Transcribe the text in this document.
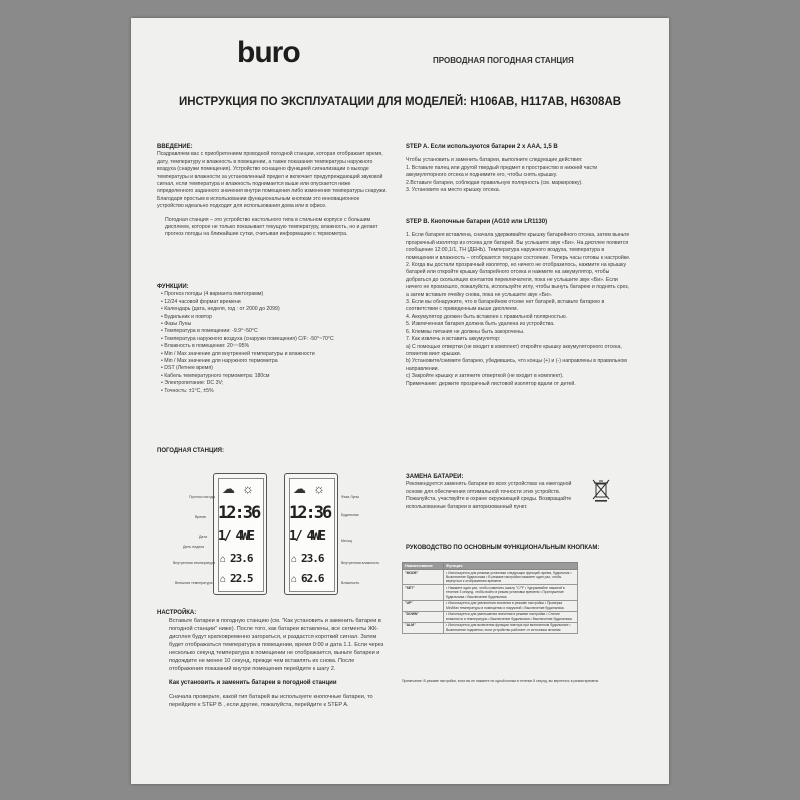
buro	ПРОВОДНАЯ ПОГОДНАЯ СТАНЦИЯ
ИНСТРУКЦИЯ ПО ЭКСПЛУАТАЦИИ ДЛЯ МОДЕЛЕЙ: H106AB, H117AB, H6308AB

ВВЕДЕНИЕ:

Поздравляем вас с приобретением проводной погодной станции, которая отображает время, дату, температуру и влажность в помещении, а также показания температуры наружного воздуха (снаружи помещения). Устройство оснащено функцией сигнализации о выходе температуры и влажности за установленный предел и включает предупреждающий звуковой сигнал, если температура и влажность поднимается выше или опускается ниже определенного заданного значения внутри помещения либо изменения температуры снаружи. Благодаря простым в использовании функциональным кнопкам это инновационное устройство идеально подходит для использования дома или в офисе.

Погодная станция – это устройство настольного типа в стильном корпусе с большим дисплеем, которое не только показывает текущую температуру, влажность, но и делает прогноз погоды на ближайшие сутки, считывая информацию с термометра.

ФУНКЦИИ:

• Прогноз погоды (4 варианта пиктограмм)
• 12/24 часовой формат времени
• Календарь (дата, неделя, год : от 2000 до 2099)
• Будильник и повтор
• Фазы Луны
• Температура в помещении: -9.9°~50°C
• Температура наружного воздуха (снаружи помещения) C/F: -50°~70°C
• Влажность в помещении: 20~~95%
• Min / Max значение для внутренней температуры и влажности
• Min / Max значение для наружного термометра
• DST (Летнее время)
• Кабель температурного термометра: 180см
• Электропитание: DC 3V;
• Точность: ±1°C, ±5%

ПОГОДНАЯ СТАНЦИЯ:

☁ ☼
12:36
1/ 4WE
⌂ 23.6
⌂ 22.5
☁ ☼
12:36
1/ 4WE
⌂ 23.6
⌂ 62.6
Прогноз погоды
Время
Дата
День недели
Внутренняя температура
Внешняя температура
Фаза Луны
Будильник
Месяц
Внутренняя влажность
Влажность

НАСТРОЙКА:

Вставьте батареи в погодную станцию (см. "Как установить и заменить батареи в погодной станции" ниже). После того, как батареи вставлены, все сегменты ЖК-дисплея будут кратковременно загораться, и раздастся короткий сигнал. Затем будет отображаться температура в помещении, время 0:00 и дата 1.1. Если через несколько секунд температура в помещении не отображается, выньте батареи и подождите не менее 10 секунд, прежде чем вставлять их снова. После отображения показаний внутри помещения перейдите к шагу 2.

Как установить и заменить батареи в погодной станции

Сначала проверьте, какой тип батарей вы используете кнопочные батареи, то перейдите к STEP B , если другие, пожалуйста, перейдите к STEP A.

STEP A. Если используются батареи 2 х ААА, 1,5 В

Чтобы установить и заменить батареи, выполните следующие действия:

1. Вставьте палец или другой твердый предмет в пространство в нижней части аккумуляторного отсека и поднимите его, чтобы снять крышку.

2.Вставьте батареи, соблюдая правильную полярность (см. маркировку).

3. Установите на место крышку отсека.

STEP B. Кнопочные батареи (AG10 или LR1130)

1. Если батарея вставлена, сначала удерживайте крышку батарейного отсека, затем выньте прозрачный изолятор из отсека для батарей. Вы услышите звук «Би». На дисплее появится сообщение 12:00,1/1, TH (ДЕНЬ). Температура наружного воздуха, температура в помещении и влажность – отобразится текущее состояние. Теперь часы готовы к настройке.

2. Когда вы достали прозрачный изолятор, но ничего не отобразилось, нажмите на крышку батарей или откройте крышку батарейного отсека и нажмите на аккумулятор, чтобы добраться до скользящих контактов переключателя, пока не услышите звук «Би». Если ничего не произошло, пожалуйста, используйте иглу, чтобы вынуть батарею и поднять срез, а затем вставьте ячейку снова, пока не услышите звук «Би».

3. Если вы обнаружите, что в батарейном отсеке нет батарей, вставьте батарею в соответствии с приведенным выше дисплеем.

4. Аккумулятор должен быть вставлен с правильной полярностью.

5. Извлеченная батарея должна быть удалена из устройства.

6. Клеммы питания не должны быть закорочены.

7. Как извлечь и вставить аккумулятор:

а) С помощью отвертки (не входит в комплект) откройте крышку аккумуляторного отсека, отвинтив винт крышки.

b) Установите/снимите батарею, убедившись, что концы (+) и (-) направлены в правильном направлении.

c) Закройте крышку и затяните отверткой (не входит в комплект).

Примечание: держите прозрачный листовой изолятор вдали от детей.

ЗАМЕНА БАТАРЕИ:

Рекомендуется заменять батареи во всех устройствах на ежегодной основе для обеспечения оптимальной точности этих устройств. Пожалуйста, участвуйте в охране окружающей среды. Возвращайте использованные батареи в авторизованный пункт.

РУКОВОДСТВО ПО ОСНОВНЫМ ФУНКЦИОНАЛЬНЫМ КНОПКАМ:

Наименование	Функция
"MODE"	• Используется для режима установки следующих функций: время, будильник • Выключение будильника • В режиме настройки нажмите один раз, чтобы вернуться к отображению времени
"SET"	• Нажмите один раз, чтобы изменить шкалу °C/°F • Удерживайте нажатой в течение 3 секунд, чтобы войти в режим установки времени • Приглушение будильника • Выключение будильника
"UP"	• Используется для увеличения значения в режиме настройки • Проверка Min/Max температуры в помещении и наружной • Выключение будильника
"DOWN"	• Используется для уменьшения значения в режиме настройки • Снятие влажности и температуры • Выключение будильника • Выключение будильника
"ALM"	• Используется для включения функции повтора при включенном будильнике • Выключение подсветки, если устройство работает от источника питания
Примечание: В режиме настройки, если вы не нажмете ни одной кнопки в течение 8 секунд, вы вернетесь в режим времени.
